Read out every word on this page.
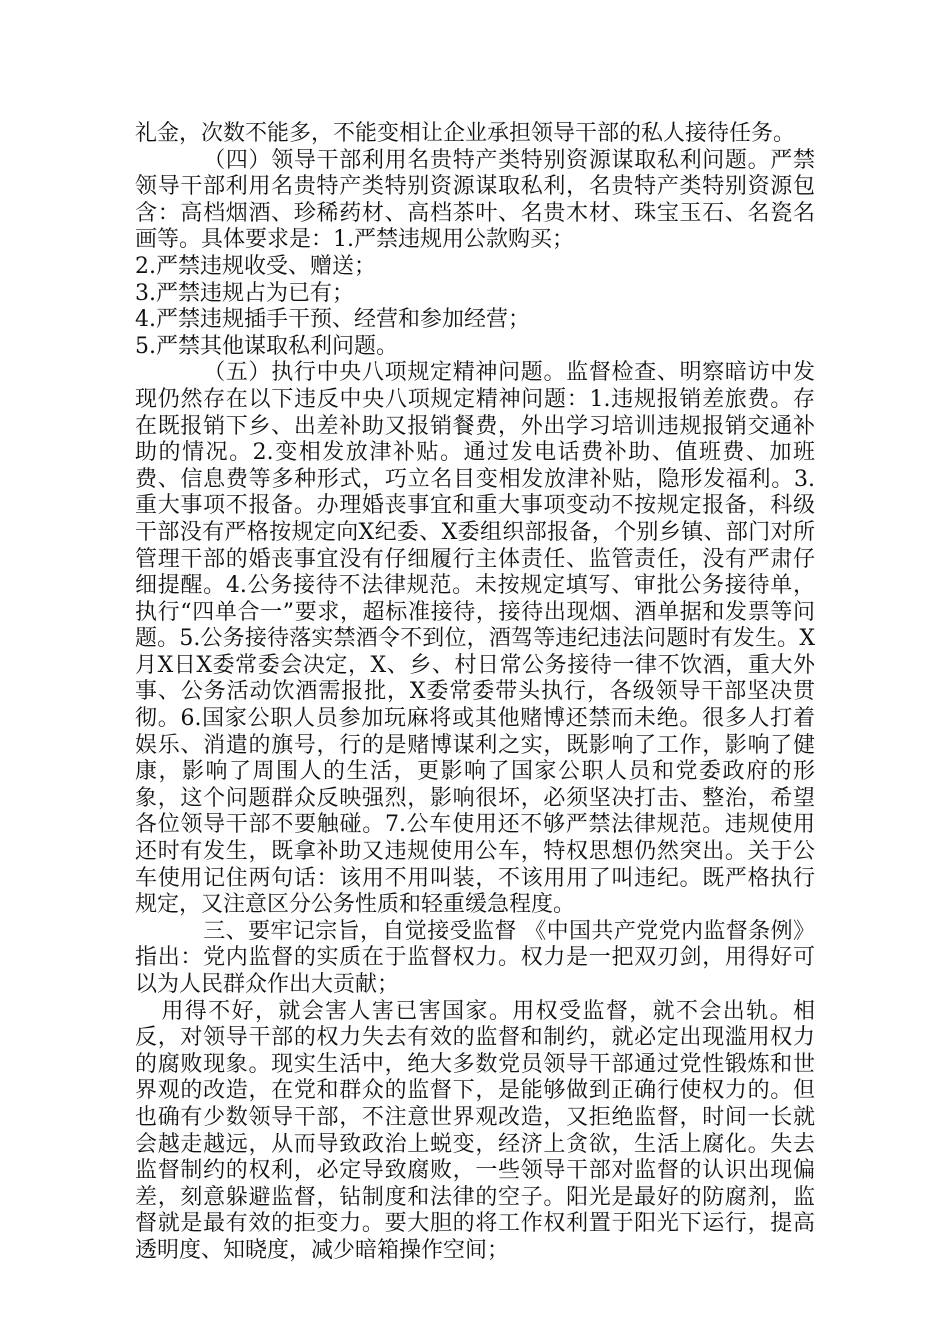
礼金，次数不能多，不能变相让企业承担领导干部的私人接待任务。

（四）领导干部利用名贵特产类特别资源谋取私利问题。严禁领导干部利用名贵特产类特别资源谋取私利，名贵特产类特别资源包含：高档烟酒、珍稀药材、高档茶叶、名贵木材、珠宝玉石、名瓷名画等。具体要求是：1.严禁违规用公款购买；

2.严禁违规收受、赠送；

3.严禁违规占为已有；

4.严禁违规插手干预、经营和参加经营；

5.严禁其他谋取私利问题。

（五）执行中央八项规定精神问题。监督检查、明察暗访中发现仍然存在以下违反中央八项规定精神问题：1.违规报销差旅费。存在既报销下乡、出差补助又报销餐费，外出学习培训违规报销交通补助的情况。2.变相发放津补贴。通过发电话费补助、值班费、加班费、信息费等多种形式，巧立名目变相发放津补贴，隐形发福利。3.重大事项不报备。办理婚丧事宜和重大事项变动不按规定报备，科级干部没有严格按规定向X纪委、X委组织部报备，个别乡镇、部门对所管理干部的婚丧事宜没有仔细履行主体责任、监管责任，没有严肃仔细提醒。4.公务接待不法律规范。未按规定填写、审批公务接待单，执行“四单合一”要求，超标准接待，接待出现烟、酒单据和发票等问题。5.公务接待落实禁酒令不到位，酒驾等违纪违法问题时有发生。X月X日X委常委会决定，X、乡、村日常公务接待一律不饮酒，重大外事、公务活动饮酒需报批，X委常委带头执行，各级领导干部坚决贯彻。6.国家公职人员参加玩麻将或其他赌博还禁而未绝。很多人打着娱乐、消遣的旗号，行的是赌博谋利之实，既影响了工作，影响了健康，影响了周围人的生活，更影响了国家公职人员和党委政府的形象，这个问题群众反映强烈，影响很坏，必须坚决打击、整治，希望各位领导干部不要触碰。7.公车使用还不够严禁法律规范。违规使用还时有发生，既拿补助又违规使用公车，特权思想仍然突出。关于公车使用记住两句话：该用不用叫装，不该用用了叫违纪。既严格执行规定，又注意区分公务性质和轻重缓急程度。

三、要牢记宗旨，自觉接受监督 《中国共产党党内监督条例》指出：党内监督的实质在于监督权力。权力是一把双刃剑，用得好可以为人民群众作出大贡献；

用得不好，就会害人害已害国家。用权受监督，就不会出轨。相反，对领导干部的权力失去有效的监督和制约，就必定出现滥用权力的腐败现象。现实生活中，绝大多数党员领导干部通过党性锻炼和世界观的改造，在党和群众的监督下，是能够做到正确行使权力的。但也确有少数领导干部，不注意世界观改造，又拒绝监督，时间一长就会越走越远，从而导致政治上蜕变，经济上贪欲，生活上腐化。失去监督制约的权利，必定导致腐败，一些领导干部对监督的认识出现偏差，刻意躲避监督，钻制度和法律的空子。阳光是最好的防腐剂，监督就是最有效的拒变力。要大胆的将工作权利置于阳光下运行，提高透明度、知晓度，减少暗箱操作空间；
